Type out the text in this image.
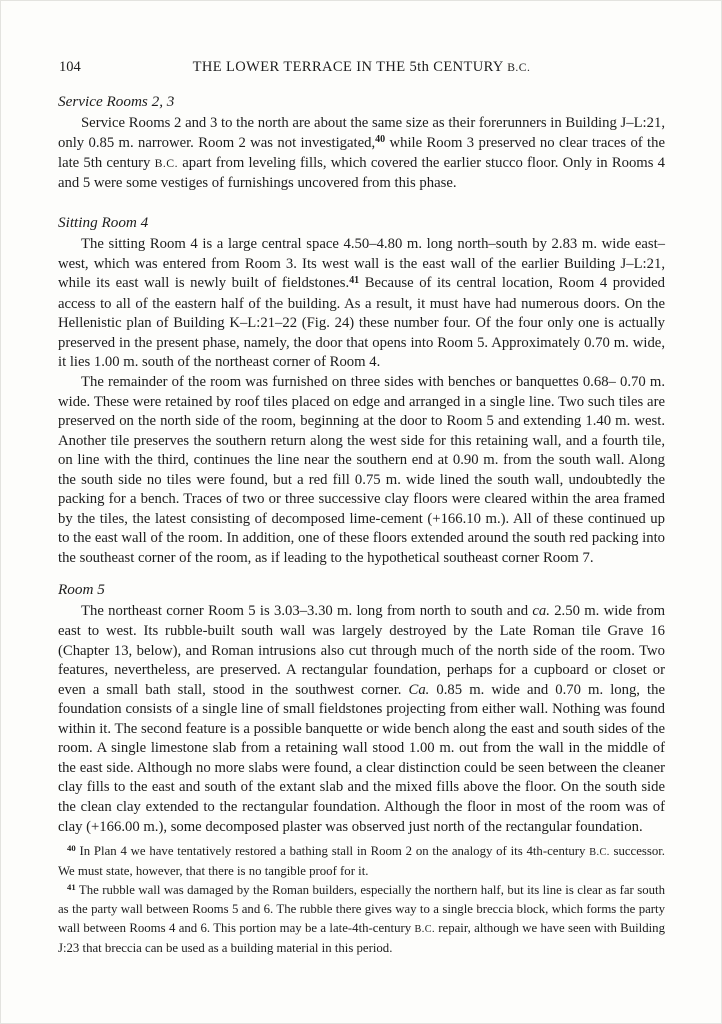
104	THE LOWER TERRACE IN THE 5th CENTURY B.C.
Service Rooms 2, 3

Service Rooms 2 and 3 to the north are about the same size as their forerunners in Building J–L:21, only 0.85 m. narrower. Room 2 was not investigated,$^{40}$ while Room 3 preserved no clear traces of the late 5th century B.C. apart from leveling fills, which covered the earlier stucco floor. Only in Rooms 4 and 5 were some vestiges of furnishings uncovered from this phase.

Sitting Room 4

The sitting Room 4 is a large central space 4.50–4.80 m. long north–south by 2.83 m. wide east–west, which was entered from Room 3. Its west wall is the east wall of the earlier Building J–L:21, while its east wall is newly built of fieldstones.$^{41}$ Because of its central location, Room 4 provided access to all of the eastern half of the building. As a result, it must have had numerous doors. On the Hellenistic plan of Building K–L:21–22 (Fig. 24) these number four. Of the four only one is actually preserved in the present phase, namely, the door that opens into Room 5. Approximately 0.70 m. wide, it lies 1.00 m. south of the northeast corner of Room 4.

The remainder of the room was furnished on three sides with benches or banquettes 0.68– 0.70 m. wide. These were retained by roof tiles placed on edge and arranged in a single line. Two such tiles are preserved on the north side of the room, beginning at the door to Room 5 and extending 1.40 m. west. Another tile preserves the southern return along the west side for this retaining wall, and a fourth tile, on line with the third, continues the line near the southern end at 0.90 m. from the south wall. Along the south side no tiles were found, but a red fill 0.75 m. wide lined the south wall, undoubtedly the packing for a bench. Traces of two or three successive clay floors were cleared within the area framed by the tiles, the latest consisting of decomposed lime-cement (+166.10 m.). All of these continued up to the east wall of the room. In addition, one of these floors extended around the south red packing into the southeast corner of the room, as if leading to the hypothetical southeast corner Room 7.

Room 5

The northeast corner Room 5 is 3.03–3.30 m. long from north to south and ca. 2.50 m. wide from east to west. Its rubble-built south wall was largely destroyed by the Late Roman tile Grave 16 (Chapter 13, below), and Roman intrusions also cut through much of the north side of the room. Two features, nevertheless, are preserved. A rectangular foundation, perhaps for a cupboard or closet or even a small bath stall, stood in the southwest corner. Ca. 0.85 m. wide and 0.70 m. long, the foundation consists of a single line of small fieldstones projecting from either wall. Nothing was found within it. The second feature is a possible banquette or wide bench along the east and south sides of the room. A single limestone slab from a retaining wall stood 1.00 m. out from the wall in the middle of the east side. Although no more slabs were found, a clear distinction could be seen between the cleaner clay fills to the east and south of the extant slab and the mixed fills above the floor. On the south side the clean clay extended to the rectangular foundation. Although the floor in most of the room was of clay (+166.00 m.), some decomposed plaster was observed just north of the rectangular foundation.

$^{40}$ In Plan 4 we have tentatively restored a bathing stall in Room 2 on the analogy of its 4th-century B.C. successor. We must state, however, that there is no tangible proof for it.

$^{41}$ The rubble wall was damaged by the Roman builders, especially the northern half, but its line is clear as far south as the party wall between Rooms 5 and 6. The rubble there gives way to a single breccia block, which forms the party wall between Rooms 4 and 6. This portion may be a late-4th-century B.C. repair, although we have seen with Building J:23 that breccia can be used as a building material in this period.
